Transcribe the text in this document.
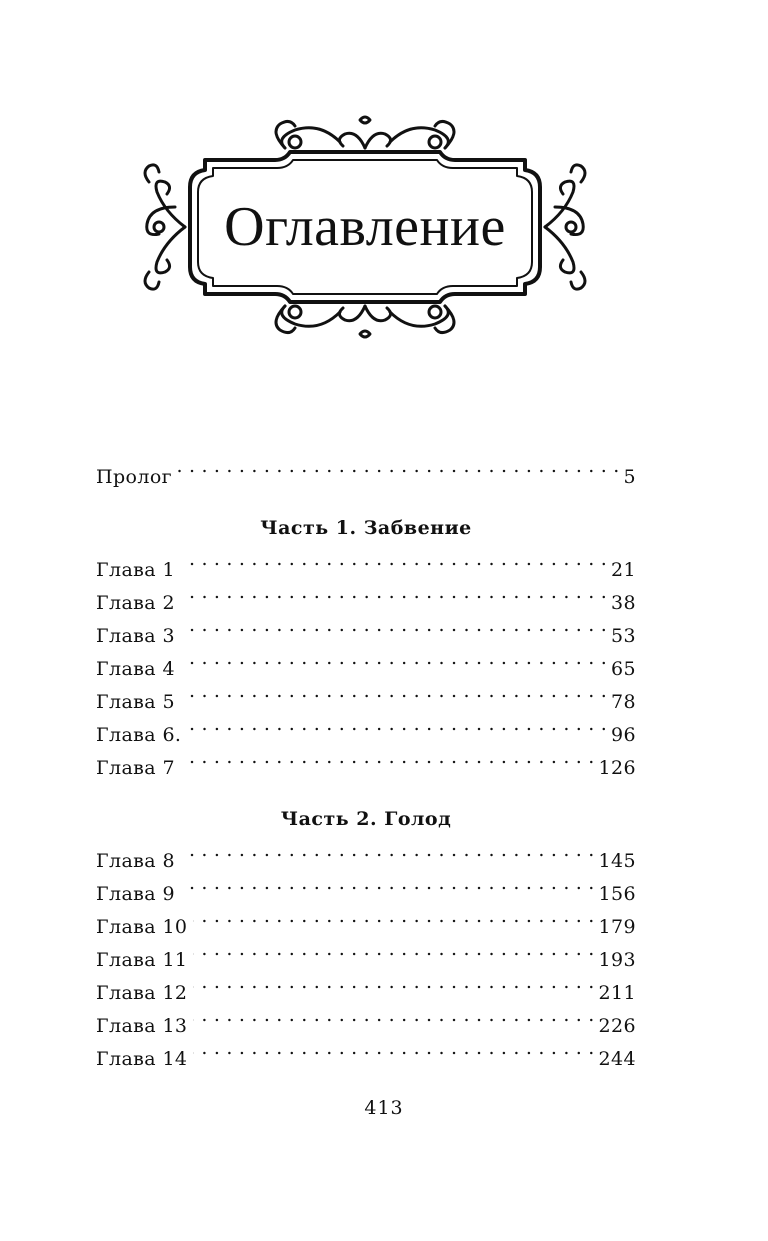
Оглавление
Пролог . . .	5
Часть 1. Забвение
Глава 1 . . .	21
Глава 2 . . .	38
Глава 3 . . .	53
Глава 4 . . .	65
Глава 5 . . .	78
Глава 6. . . .	96
Глава 7 . . .	126
Часть 2. Голод
Глава 8 . . .	145
Глава 9 . . .	156
Глава 10 . . .	179
Глава 11 . . .	193
Глава 12 . . .	211
Глава 13 . . .	226
Глава 14 . . .	244
413
